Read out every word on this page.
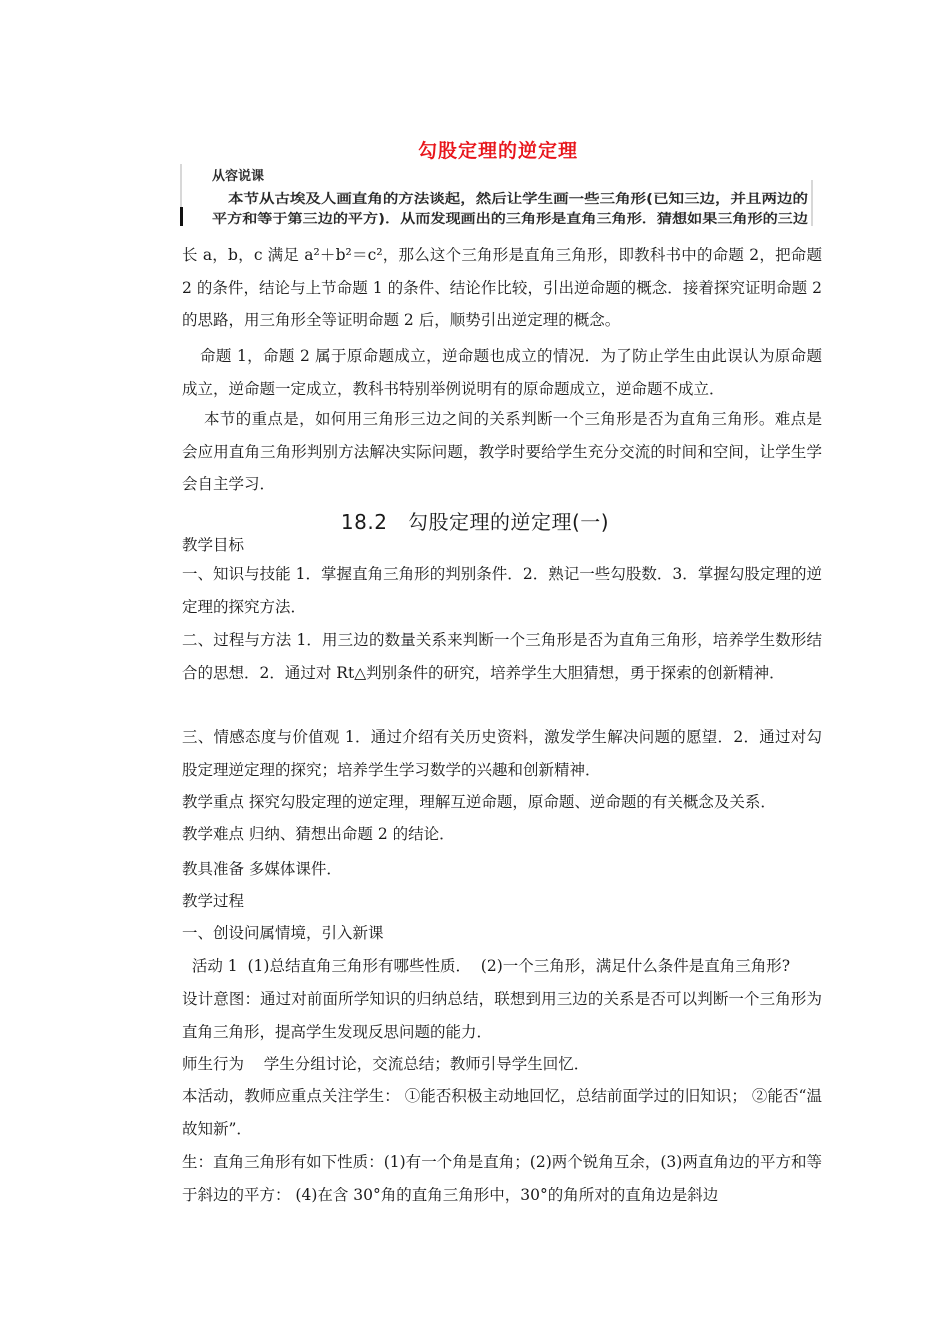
勾股定理的逆定理
从容说课
本节从古埃及人画直角的方法谈起，然后让学生画一些三角形(已知三边，并且两边的
平方和等于第三边的平方)．从而发现画出的三角形是直角三角形．猜想如果三角形的三边

长 a，b，c 满足 a²＋b²＝c²，那么这个三角形是直角三角形，即教科书中的命题 2，把命题 2 的条件，结论与上节命题 1 的条件、结论作比较，引出逆命题的概念．接着探究证明命题 2 的思路，用三角形全等证明命题 2 后，顺势引出逆定理的概念。

命题 1，命题 2 属于原命题成立，逆命题也成立的情况．为了防止学生由此误认为原命题成立，逆命题一定成立，教科书特别举例说明有的原命题成立，逆命题不成立．

本节的重点是，如何用三角形三边之间的关系判断一个三角形是否为直角三角形。难点是会应用直角三角形判别方法解决实际问题，教学时要给学生充分交流的时间和空间，让学生学会自主学习．

18.2　勾股定理的逆定理(一)
教学目标

一、知识与技能 1．掌握直角三角形的判别条件．2．熟记一些勾股数．3．掌握勾股定理的逆定理的探究方法．

二、过程与方法 1．用三边的数量关系来判断一个三角形是否为直角三角形，培养学生数形结合的思想．2．通过对 Rt△判别条件的研究，培养学生大胆猜想，勇于探索的创新精神．

三、情感态度与价值观 1．通过介绍有关历史资料，激发学生解决问题的愿望．2．通过对勾股定理逆定理的探究；培养学生学习数学的兴趣和创新精神．

教学重点 探究勾股定理的逆定理，理解互逆命题，原命题、逆命题的有关概念及关系．

教学难点 归纳、猜想出命题 2 的结论．

教具准备 多媒体课件．

教学过程

一、创设问属情境，引入新课

活动 1  (1)总结直角三角形有哪些性质．  (2)一个三角形，满足什么条件是直角三角形?

设计意图：通过对前面所学知识的归纳总结，联想到用三边的关系是否可以判断一个三角形为直角三角形，提高学生发现反思问题的能力．

师生行为    学生分组讨论，交流总结；教师引导学生回忆．

本活动，教师应重点关注学生： ①能否积极主动地回忆，总结前面学过的旧知识； ②能否“温故知新”．

生：直角三角形有如下性质：(1)有一个角是直角；(2)两个锐角互余，(3)两直角边的平方和等于斜边的平方： (4)在含 30°角的直角三角形中，30°的角所对的直角边是斜边
